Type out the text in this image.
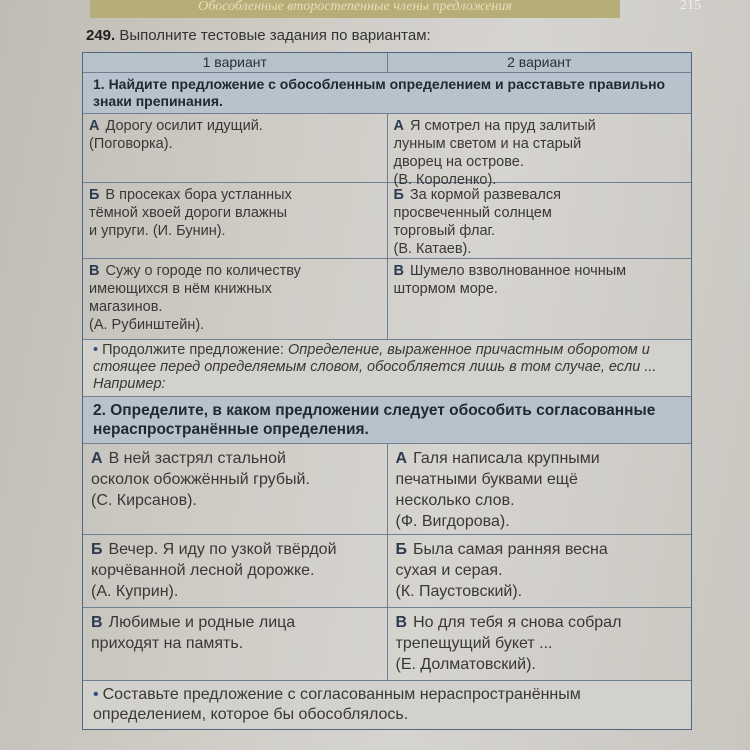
Обособленные второстепенные члены предложения	215
249. Выполните тестовые задания по вариантам:
1 вариант	2 вариант
1. Найдите предложение с обособленным определением и расставьте правильно знаки препинания.
А Дорогу осилит идущий.
(Поговорка).
А Я смотрел на пруд залитый
лунным светом и на старый
дворец на острове.
(В. Короленко).
Б В просеках бора устланных
тёмной хвоей дороги влажны
и упруги. (И. Бунин).
Б За кормой развевался
просвеченный солнцем
торговый флаг.
(В. Катаев).
В Сужу о городе по количеству
имеющихся в нём книжных
магазинов.
(А. Рубинштейн).
В Шумело взволнованное ночным
штормом море.
• Продолжите предложение: Определение, выраженное причастным оборотом и стоящее перед определяемым словом, обособляется лишь в том случае, если ... Например:
2. Определите, в каком предложении следует обособить согласованные нераспространённые определения.
А В ней застрял стальной
осколок обожжённый грубый.
(С. Кирсанов).
А Галя написала крупными
печатными буквами ещё
несколько слов.
(Ф. Вигдорова).
Б Вечер. Я иду по узкой твёрдой
корчёванной лесной дорожке.
(А. Куприн).
Б Была самая ранняя весна
сухая и серая.
(К. Паустовский).
В Любимые и родные лица
приходят на память.
В Но для тебя я снова собрал
трепещущий букет ...
(Е. Долматовский).
• Составьте предложение с согласованным нераспространённым определением, которое бы обособлялось.
